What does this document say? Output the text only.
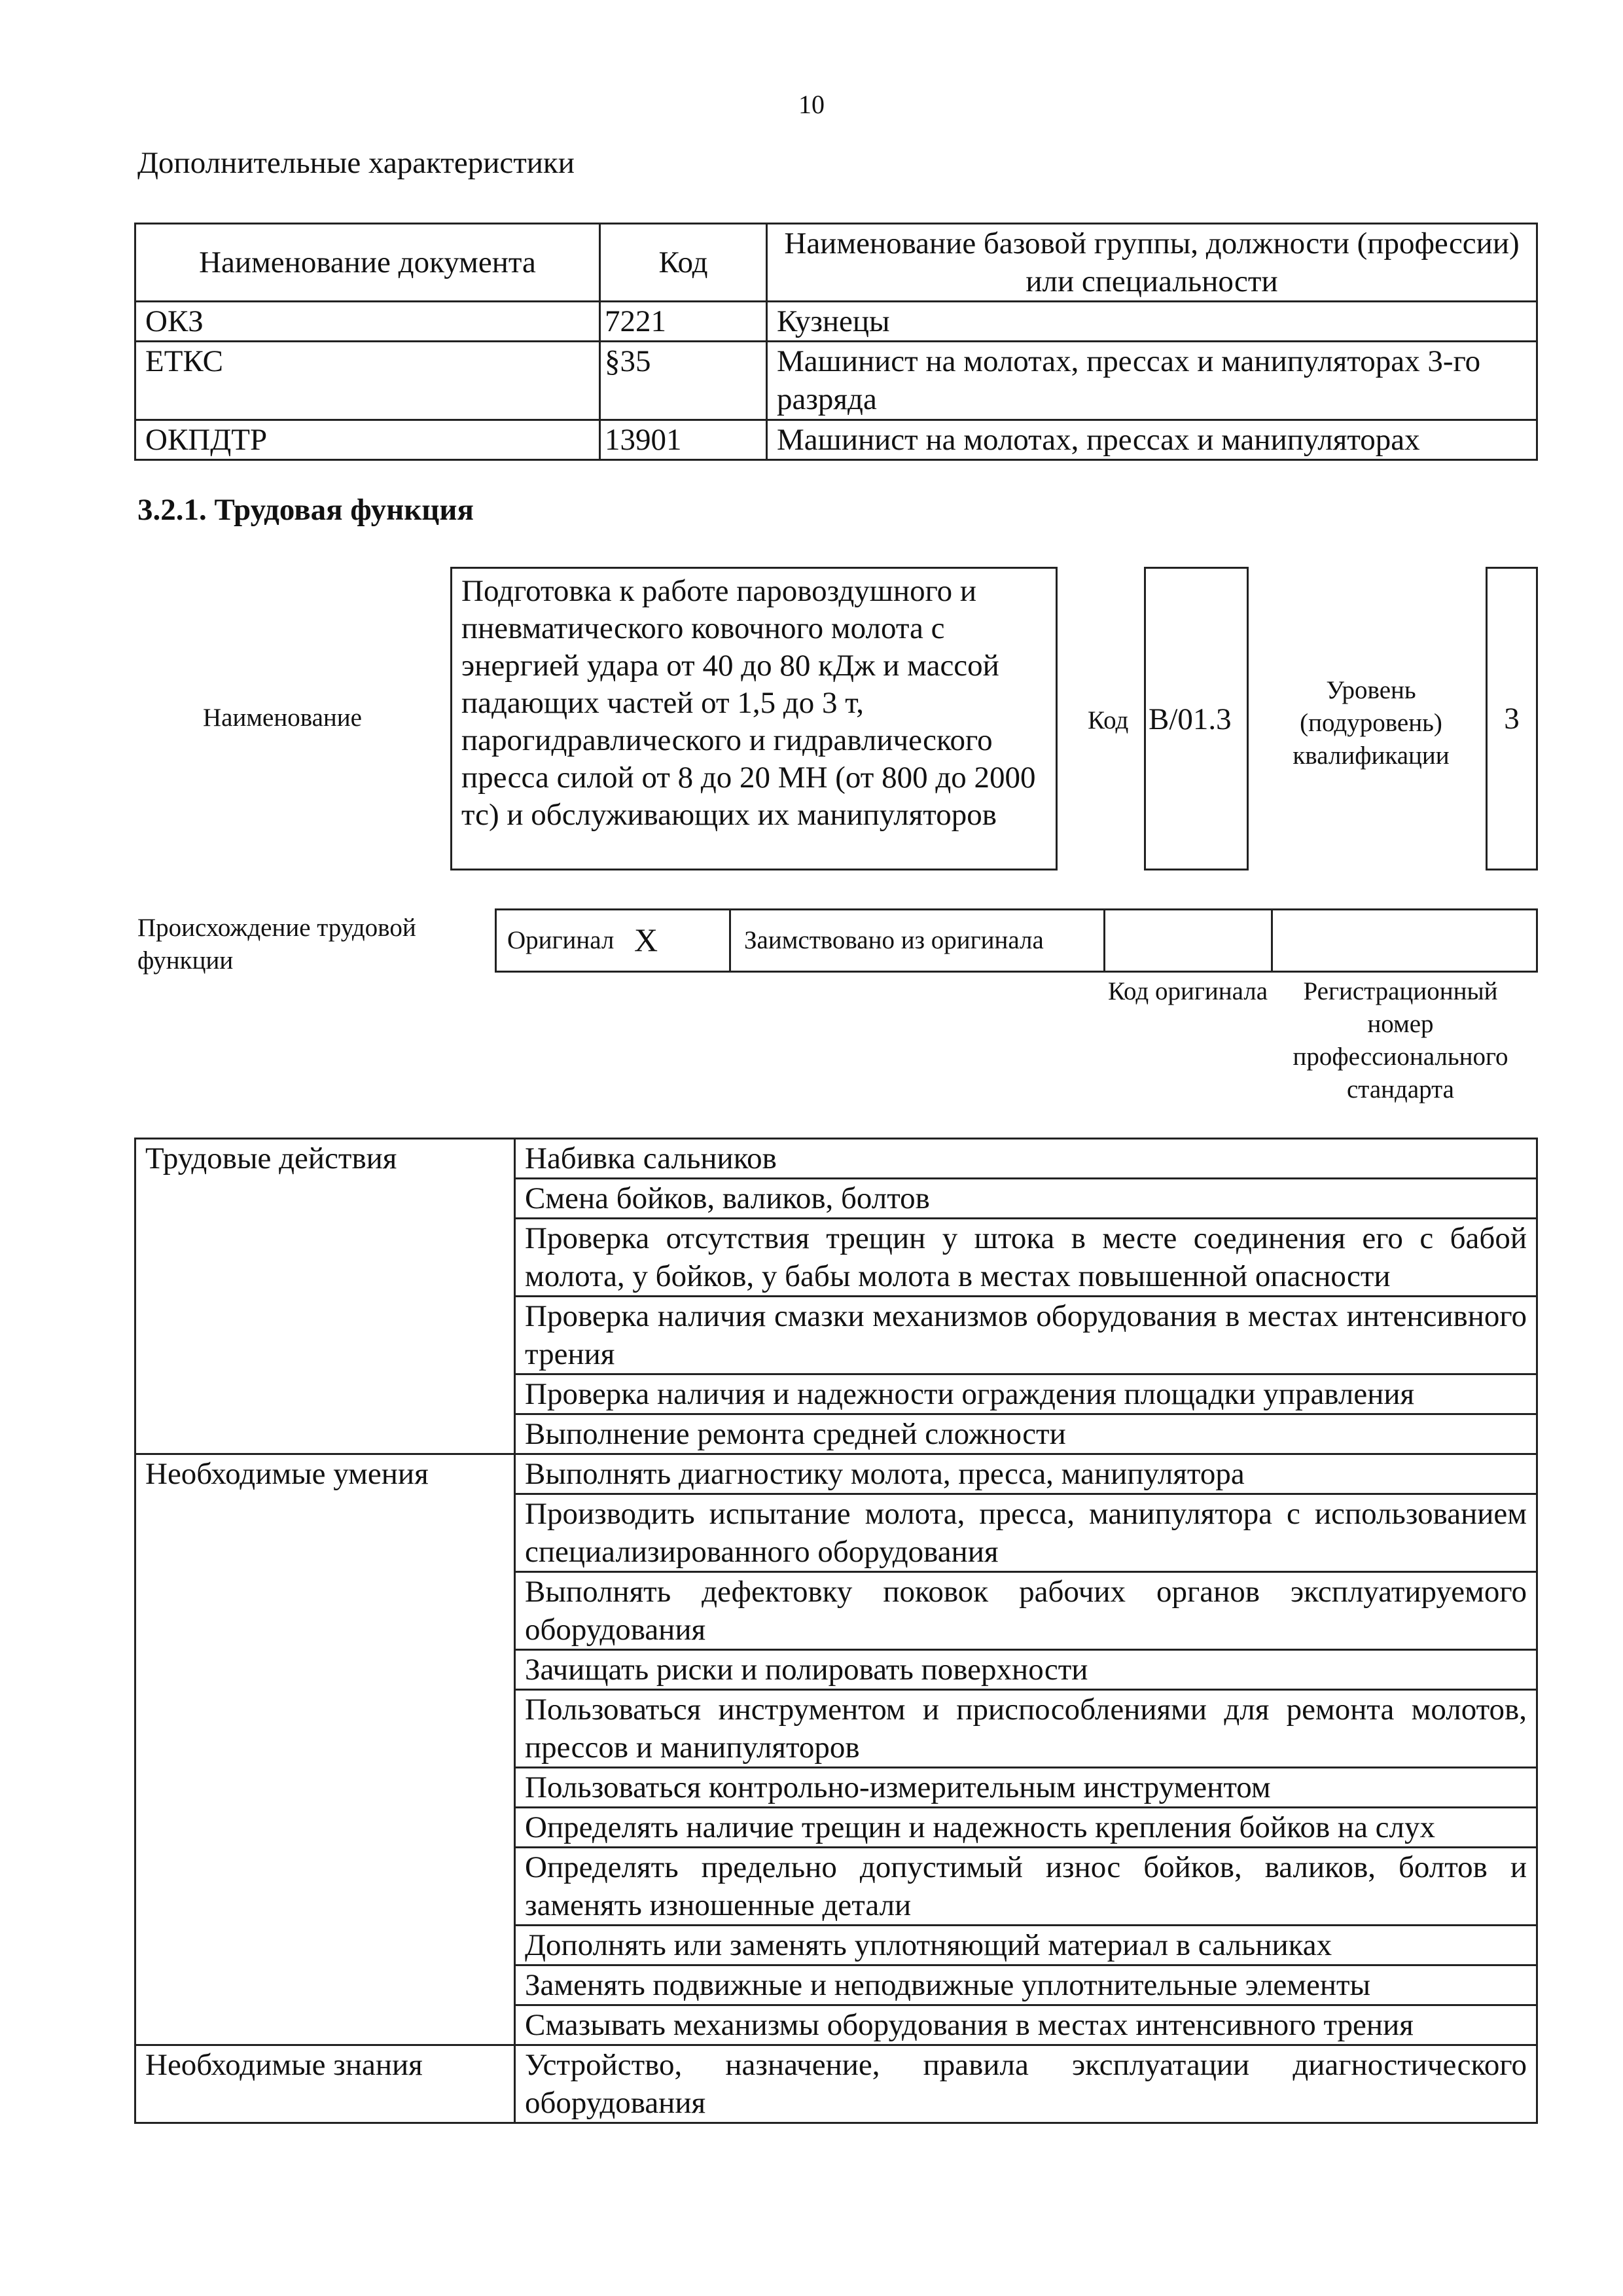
10
Дополнительные характеристики
Наименование документа	Код	Наименование базовой группы, должности (профессии) или специальности
ОКЗ	7221	Кузнецы
ЕТКС	§35	Машинист на молотах, прессах и манипуляторах 3-го разряда
ОКПДТР	13901	Машинист на молотах, прессах и манипуляторах
3.2.1. Трудовая функция
Наименование
Подготовка к работе паровоздушного и пневматического ковочного молота с энергией удара от 40 до 80 кДж и массой падающих частей от 1,5 до 3 т, парогидравлического и гидравлического пресса силой от 8 до 20 МН (от 800 до 2000 тс) и обслуживающих их манипуляторов
Код B/01.3
Уровень (подуровень) квалификации
3
Происхождение трудовой функции
Оригинал X	Заимствовано из оригинала
Код оригинала	Регистрационный номер профессионального стандарта
Трудовые действия	Набивка сальников
	Смена бойков, валиков, болтов
	Проверка отсутствия трещин у штока в месте соединения его с бабой молота, у бойков, у бабы молота в местах повышенной опасности
	Проверка наличия смазки механизмов оборудования в местах интенсивного трения
	Проверка наличия и надежности ограждения площадки управления
	Выполнение ремонта средней сложности
Необходимые умения	Выполнять диагностику молота, пресса, манипулятора
	Производить испытание молота, пресса, манипулятора с использованием специализированного оборудования
	Выполнять дефектовку поковок рабочих органов эксплуатируемого оборудования
	Зачищать риски и полировать поверхности
	Пользоваться инструментом и приспособлениями для ремонта молотов, прессов и манипуляторов
	Пользоваться контрольно-измерительным инструментом
	Определять наличие трещин и надежность крепления бойков на слух
	Определять предельно допустимый износ бойков, валиков, болтов и заменять изношенные детали
	Дополнять или заменять уплотняющий материал в сальниках
	Заменять подвижные и неподвижные уплотнительные элементы
	Смазывать механизмы оборудования в местах интенсивного трения
Необходимые знания	Устройство, назначение, правила эксплуатации диагностического оборудования
